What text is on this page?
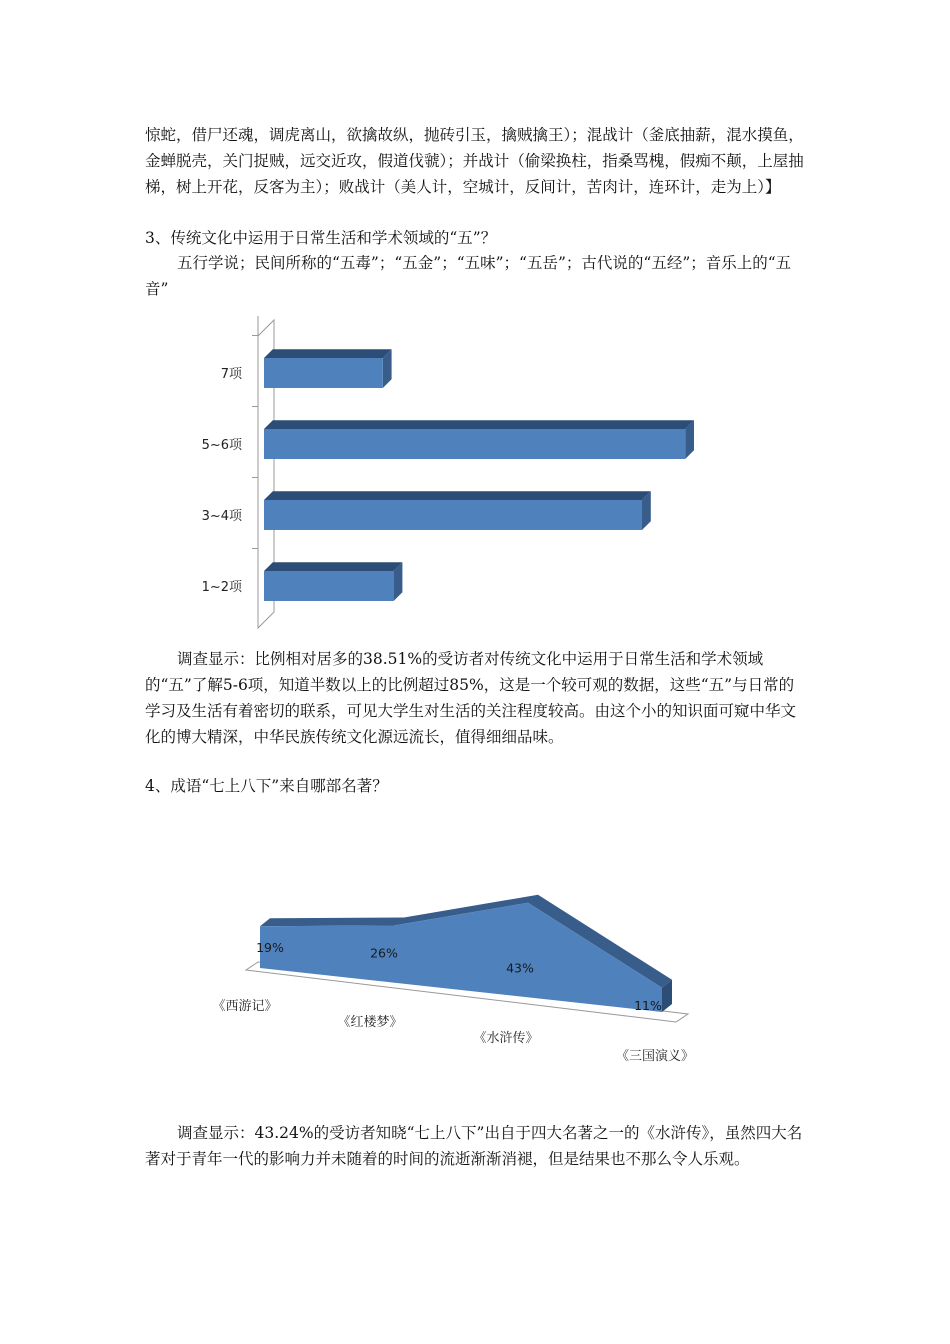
惊蛇，借尸还魂，调虎离山，欲擒故纵，抛砖引玉，擒贼擒王）；混战计（釜底抽薪，混水摸鱼，金蝉脱壳，关门捉贼，远交近攻，假道伐虢）；并战计（偷梁换柱，指桑骂槐，假痴不颠，上屋抽梯，树上开花，反客为主）；败战计（美人计，空城计，反间计，苦肉计，连环计，走为上）】

3、传统文化中运用于日常生活和学术领域的“五”？

五行学说；民间所称的“五毒”；“五金”；“五味”；“五岳”；古代说的“五经”；音乐上的“五音”

7项
5~6项
3~4项
1~2项

调查显示：比例相对居多的38.51%的受访者对传统文化中运用于日常生活和学术领域的“五”了解5-6项，知道半数以上的比例超过85%，这是一个较可观的数据，这些“五”与日常的学习及生活有着密切的联系，可见大学生对生活的关注程度较高。由这个小的知识面可窥中华文化的博大精深，中华民族传统文化源远流长，值得细细品味。

4、成语“七上八下”来自哪部名著？

19%	26%
43%
11%
《西游记》
《红楼梦》
《水浒传》
《三国演义》

调查显示：43.24%的受访者知晓“七上八下”出自于四大名著之一的《水浒传》，虽然四大名著对于青年一代的影响力并未随着的时间的流逝渐渐消褪，但是结果也不那么令人乐观。
